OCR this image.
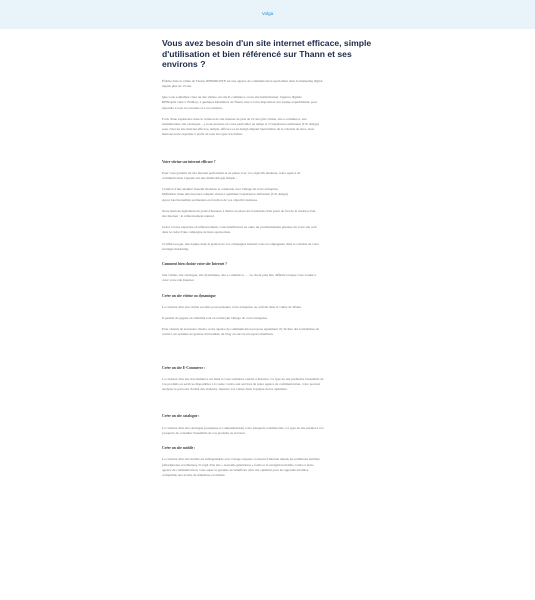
Volga
Vous avez besoin d'un site internet efficace, simple d'utilisation et bien référencé sur Thann et ses environs ?

Établie dans la vallée de Thann, REBOROSTE est une agence de communication spécialisée dans le marketing digital
depuis plus de 15 ans.

Que vous souhaitiez créer un site vitrine, un site E-commerce ou un site institutionnel, l'agence digitale
REBroplet chez à l'Isthrop, à quelques kilomètres de Thann, met à votre disposition son équipe expérimentée pour
répondre à tous vos besoins et à vos attentes.

Forts d'une expérience dans la création de site internet de plus de 10 ans (site vitrine, site e-commerce, site
institutionnel, site catalogue…), nous prenons en votre particulier au temps et à l'expérience utilisateur (UX design)
pour créer un site internet efficace, simple, efficace et au design élégant.Spécialistes de la création de sites, nous
mettons notre expertise à profit de tous les types d'activités.

Votre vitrine sur internet efficace ?

Pour vous garantir un site internet performant et en phase avec vos objectifs business, notre agence de
communication s'appuie sur une méthodologie simple :

Création d'une identité visuelle moderne et cohérente avec l'image de votre entreprise
Définition d'une arborescence adaptée visant à optimiser l'expérience utilisateur (UX design)
Ajout fonctionnalités pertinentes en fonction de vos objectifs business.

Nous mettons également un point d'honneur à mettre en place les fondations d'un point de fort de la création d'un
site Internet : le référencement naturel.

Grâce à notre expertise en référencement, vous bénéficierez en outre un positionnement pérenne du votre site web
dans le cadre d'une campagne de liens sponsorisés.

Certifié Google, une équipe dans la gestion de vos campagnes internet vous accompagnent dans la création de votre
stratégie marketing.

Comment bien choisir votre site Internet ?

Site vitrine, site catalogue, site dynamique, site e-commerce, … Le choix peut être difficile lorsque vous voulez à
créer votre site Internet.

Créer un site vitrine ou dynamique

La création d'un site vitrine est utile pour présenter votre entreprise ou activité dans la vallée de Thann.

Il permet de gagner en visibilité tout en renforçant l'image de votre entreprise.

Pour obtenir de nouveaux clients, notre agence de communication propose également d'y inclure des formulaires de
contact, un système de gestion d'actualités, un blog ou encore un espace membres.

Créer un site E-Commerce :

La création d'un site d'ecommerce est idéal si vous souhaitez vendre à distance. Ce type de site permettre l'ensemble de
vos produits ou services disponibles à la vente. Grâce aux services de notre agence de communication, votre pourrez
analyser le parcours d'achat des visiteurs, mesurer vos ventes dans l'optique de les optimiser.

Créer un site catalogue :

La création d'un site catalogue (souplesse et compréhension) votre plaquette commerciale. Ce type de site permet à vos
prospects de consulter l'ensemble de vos produits ou services.

Créer un site mobile :

La création d'un site mobile est indispensable avec l'usage toujours croissant d'internet depuis les terminaux mobiles
(smartphones et tablettes). Il s'agit d'un site « nouvelle génération » facile et la navigation mobile. Grâce à notre
agence de communication, vous aurez la garantie de bénéficier d'un site optimisé pour les appareils mobiles,
compatible aux écrans de téléphone et tablette.
